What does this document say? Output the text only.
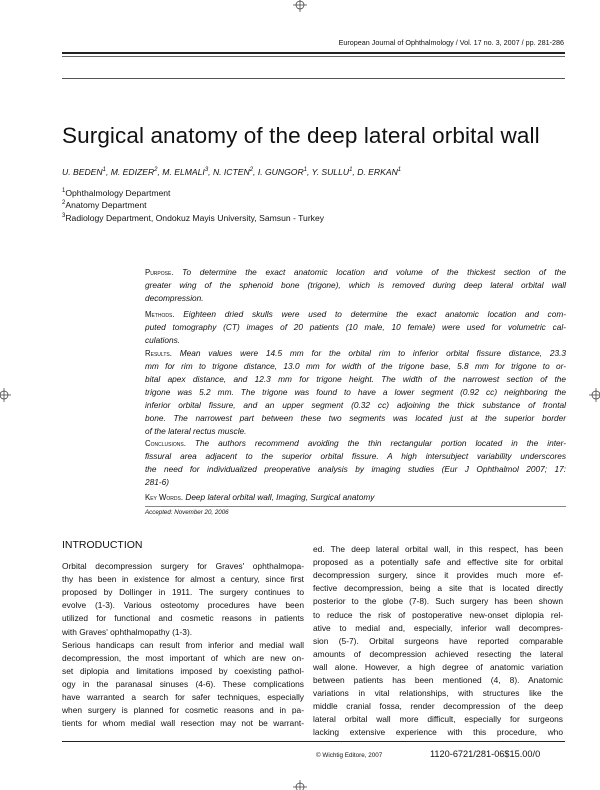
European Journal of Ophthalmology / Vol. 17 no. 3, 2007 / pp. 281-286
Surgical anatomy of the deep lateral orbital wall
U. BEDEN$^1$, M. EDIZER$^2$, M. ELMALI$^3$, N. ICTEN$^2$, I. GUNGOR$^1$, Y. SULLU$^1$, D. ERKAN$^1$
$^1$Ophthalmology Department
$^2$Anatomy Department
$^3$Radiology Department, Ondokuz Mayis University, Samsun - Turkey
Purpose. To determine the exact anatomic location and volume of the thickest section of the
greater wing of the sphenoid bone (trigone), which is removed during deep lateral orbital wall
decompression.
Methods. Eighteen dried skulls were used to determine the exact anatomic location and com-
puted tomography (CT) images of 20 patients (10 male, 10 female) were used for volumetric cal-
culations.
Results. Mean values were 14.5 mm for the orbital rim to inferior orbital fissure distance, 23.3
mm for rim to trigone distance, 13.0 mm for width of the trigone base, 5.8 mm for trigone to or-
bital apex distance, and 12.3 mm for trigone height. The width of the narrowest section of the
trigone was 5.2 mm. The trigone was found to have a lower segment (0.92 cc) neighboring the
inferior orbital fissure, and an upper segment (0.32 cc) adjoining the thick substance of frontal
bone. The narrowest part between these two segments was located just at the superior border
of the lateral rectus muscle.
Conclusions. The authors recommend avoiding the thin rectangular portion located in the inter-
fissural area adjacent to the superior orbital fissure. A high intersubject variability underscores
the need for individualized preoperative analysis by imaging studies (Eur J Ophthalmol 2007; 17:
281-6)
Key Words. Deep lateral orbital wall, Imaging, Surgical anatomy
Accepted: November 20, 2006
INTRODUCTION
Orbital decompression surgery for Graves' ophthalmopa-
thy has been in existence for almost a century, since first
proposed by Dollinger in 1911. The surgery continues to
evolve (1-3). Various osteotomy procedures have been
utilized for functional and cosmetic reasons in patients
with Graves' ophthalmopathy (1-3).
Serious handicaps can result from inferior and medial wall
decompression, the most important of which are new on-
set diplopia and limitations imposed by coexisting pathol-
ogy in the paranasal sinuses (4-6). These complications
have warranted a search for safer techniques, especially
when surgery is planned for cosmetic reasons and in pa-
tients for whom medial wall resection may not be warrant-
ed. The deep lateral orbital wall, in this respect, has been
proposed as a potentially safe and effective site for orbital
decompression surgery, since it provides much more ef-
fective decompression, being a site that is located directly
posterior to the globe (7-8). Such surgery has been shown
to reduce the risk of postoperative new-onset diplopia rel-
ative to medial and, especially, inferior wall decompres-
sion (5-7). Orbital surgeons have reported comparable
amounts of decompression achieved resecting the lateral
wall alone. However, a high degree of anatomic variation
between patients has been mentioned (4, 8). Anatomic
variations in vital relationships, with structures like the
middle cranial fossa, render decompression of the deep
lateral orbital wall more difficult, especially for surgeons
lacking extensive experience with this procedure, who
© Wichtig Editore, 2007	1120-6721/281-06$15.00/0
